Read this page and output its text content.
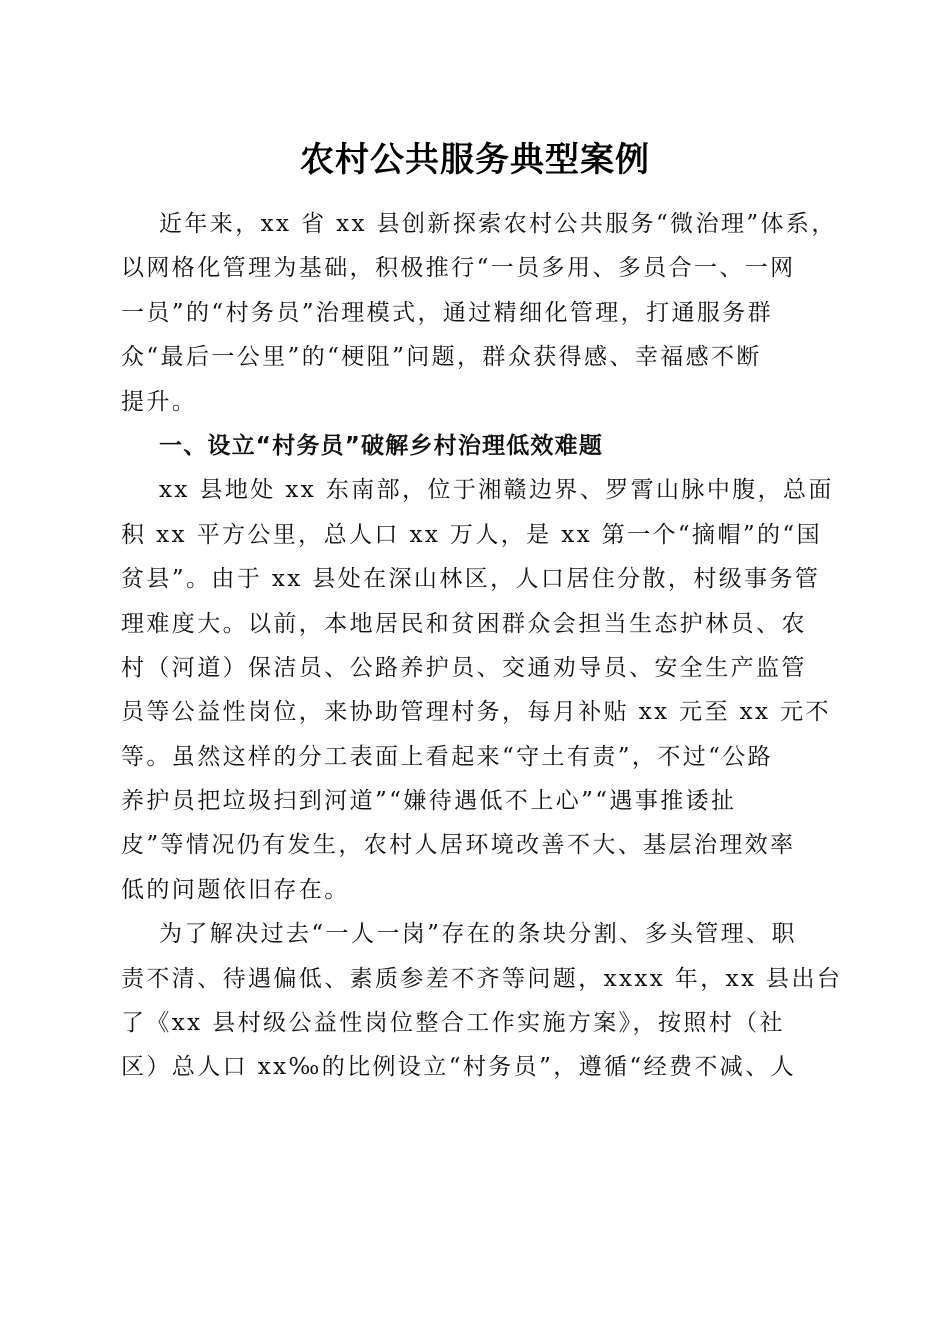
农村公共服务典型案例
近年来，xx 省 xx 县创新探索农村公共服务“微治理”体系，
以网格化管理为基础，积极推行“一员多用、多员合一、一网
一员”的“村务员”治理模式，通过精细化管理，打通服务群
众“最后一公里”的“梗阻”问题，群众获得感、幸福感不断
提升。
一、设立“村务员”破解乡村治理低效难题
xx 县地处 xx 东南部，位于湘赣边界、罗霄山脉中腹，总面
积 xx 平方公里，总人口 xx 万人，是 xx 第一个“摘帽”的“国
贫县”。由于 xx 县处在深山林区，人口居住分散，村级事务管
理难度大。以前，本地居民和贫困群众会担当生态护林员、农
村（河道）保洁员、公路养护员、交通劝导员、安全生产监管
员等公益性岗位，来协助管理村务，每月补贴 xx 元至 xx 元不
等。虽然这样的分工表面上看起来“守土有责”，不过“公路
养护员把垃圾扫到河道”“嫌待遇低不上心”“遇事推诿扯
皮”等情况仍有发生，农村人居环境改善不大、基层治理效率
低的问题依旧存在。
为了解决过去“一人一岗”存在的条块分割、多头管理、职
责不清、待遇偏低、素质参差不齐等问题，xxxx 年，xx 县出台
了《xx 县村级公益性岗位整合工作实施方案》，按照村（社
区）总人口 xx‰的比例设立“村务员”，遵循“经费不减、人
